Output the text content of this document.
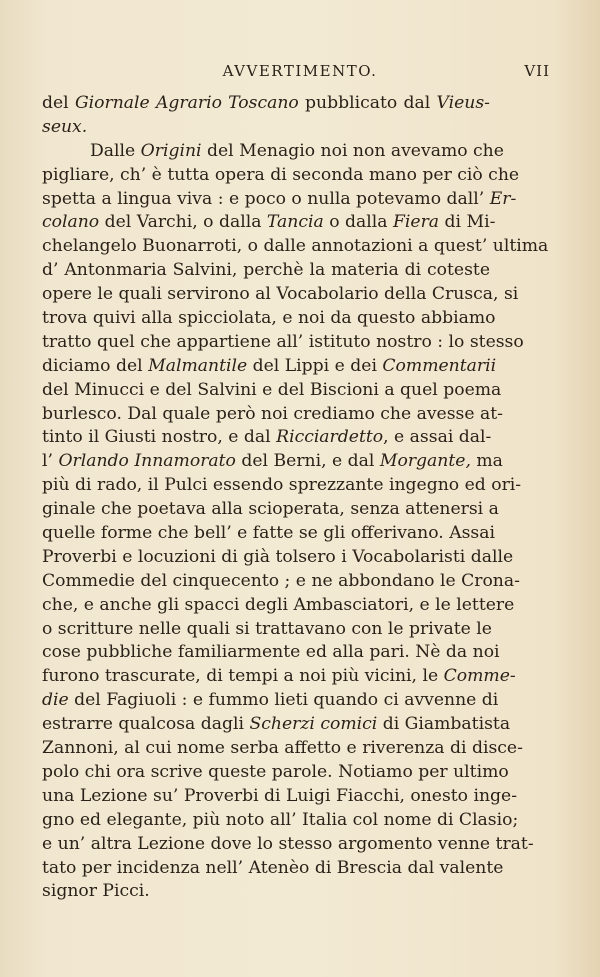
AVVERTIMENTO.	VII
del Giornale Agrario Toscano pubblicato dal Vieus-
seux.
Dalle Origini del Menagio noi non avevamo che
pigliare, ch’ è tutta opera di seconda mano per ciò che
spetta a lingua viva : e poco o nulla potevamo dall’ Er-
colano del Varchi, o dalla Tancia o dalla Fiera di Mi-
chelangelo Buonarroti, o dalle annotazioni a quest’ ultima
d’ Antonmaria Salvini, perchè la materia di coteste
opere le quali servirono al Vocabolario della Crusca, si
trova quivi alla spicciolata, e noi da questo abbiamo
tratto quel che appartiene all’ istituto nostro : lo stesso
diciamo del Malmantile del Lippi e dei Commentarii
del Minucci e del Salvini e del Biscioni a quel poema
burlesco. Dal quale però noi crediamo che avesse at-
tinto il Giusti nostro, e dal Ricciardetto, e assai dal-
l’ Orlando Innamorato del Berni, e dal Morgante, ma
più di rado, il Pulci essendo sprezzante ingegno ed ori-
ginale che poetava alla scioperata, senza attenersi a
quelle forme che bell’ e fatte se gli offerivano. Assai
Proverbi e locuzioni di già tolsero i Vocabolaristi dalle
Commedie del cinquecento ; e ne abbondano le Crona-
che, e anche gli spacci degli Ambasciatori, e le lettere
o scritture nelle quali si trattavano con le private le
cose pubbliche familiarmente ed alla pari. Nè da noi
furono trascurate, di tempi a noi più vicini, le Comme-
die del Fagiuoli : e fummo lieti quando ci avvenne di
estrarre qualcosa dagli Scherzi comici di Giambatista
Zannoni, al cui nome serba affetto e riverenza di disce-
polo chi ora scrive queste parole. Notiamo per ultimo
una Lezione su’ Proverbi di Luigi Fiacchi, onesto inge-
gno ed elegante, più noto all’ Italia col nome di Clasio;
e un’ altra Lezione dove lo stesso argomento venne trat-
tato per incidenza nell’ Atenèo di Brescia dal valente
signor Picci.
